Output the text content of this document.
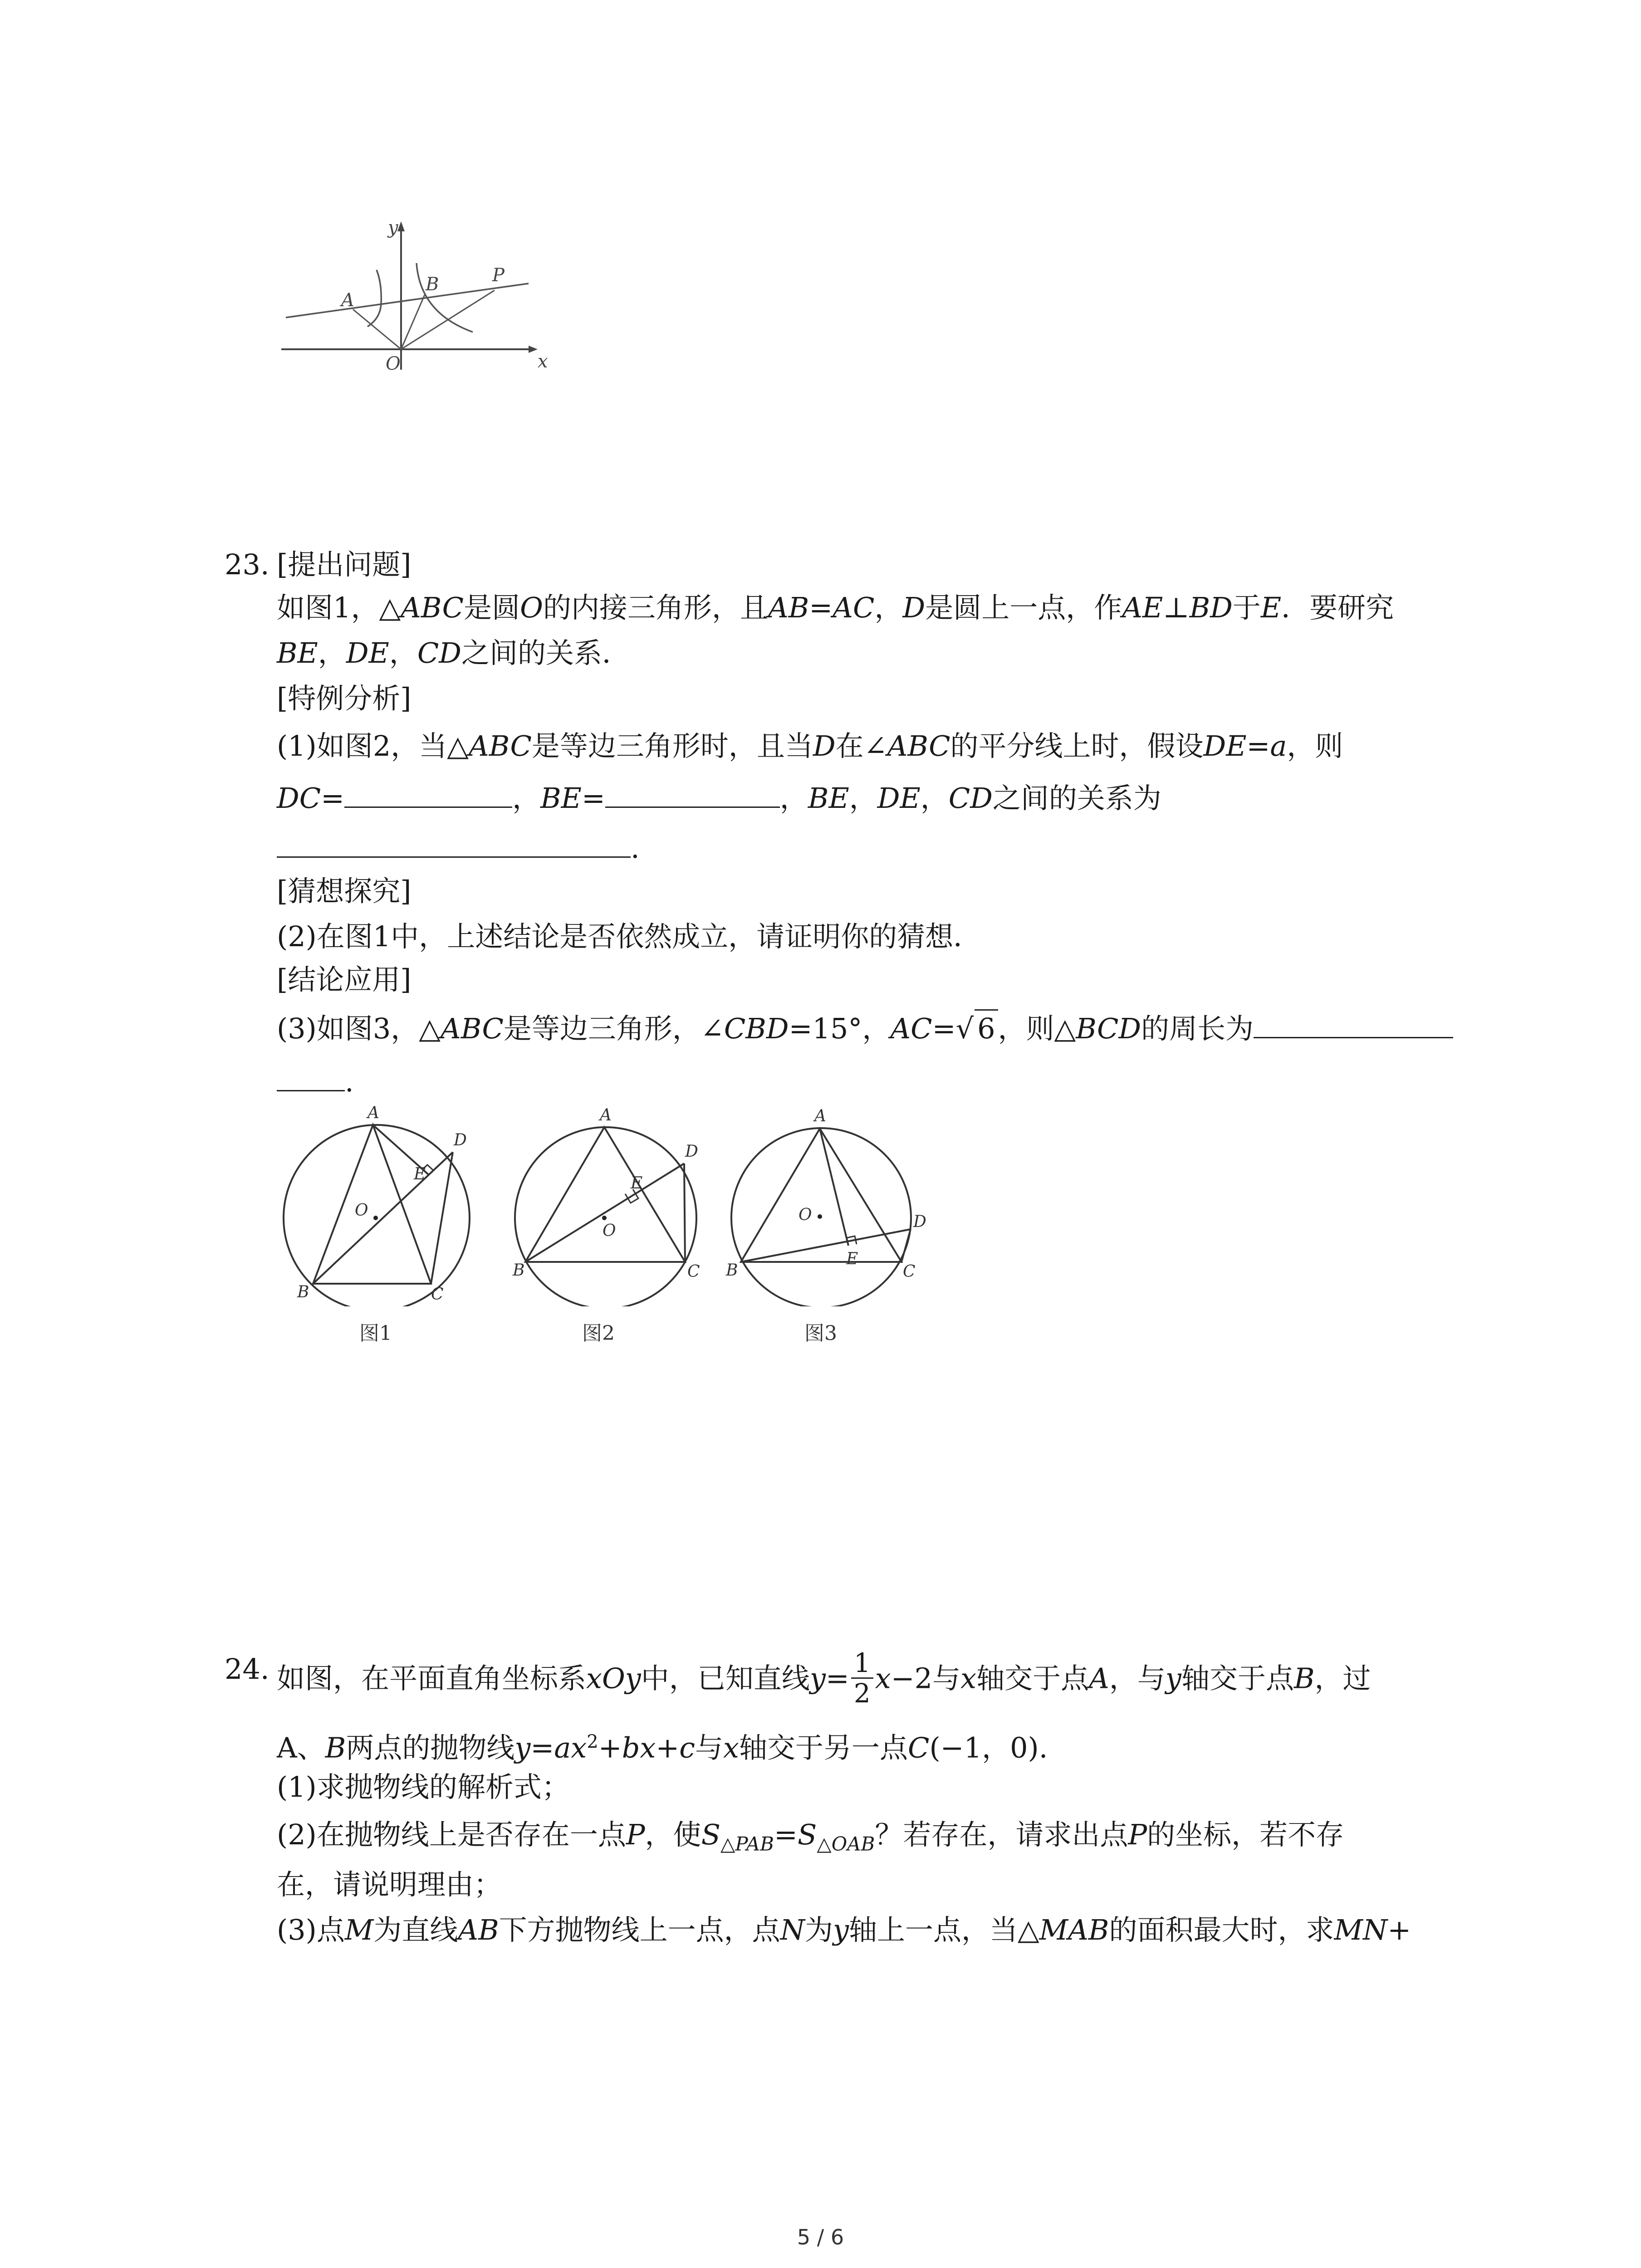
y
x
O
A
B	P
23. [提出问题]
如图1，△ABC是圆O的内接三角形，且AB=AC，D是圆上一点，作AE⊥BD于E．要研究
BE，DE，CD之间的关系．
[特例分析]
(1)如图2，当△ABC是等边三角形时，且当D在∠ABC的平分线上时，假设DE=a，则
DC=	，BE=	，BE，DE，CD之间的关系为
.
[猜想探究]
(2)在图1中，上述结论是否依然成立，请证明你的猜想．
[结论应用]
(3)如图3，△ABC是等边三角形，∠CBD=15°，AC=√ 6，则△BCD的周长为
.
A
B	C
D
E
O
图1
A
B	C
D
E
O
图2
A
B	C
D
E
O
图3
24. 如图，在平面直角坐标系xOy中，已知直线$y= \frac{1}{2} x-2$与x轴交于点A，与y轴交于点B，过
A、B两点的抛物线$y=ax^2+bx+c$与x轴交于另一点C(−1，0).
(1)求抛物线的解析式；
(2)在抛物线上是否存在一点P，使$S_{\triangle PAB}=S_{\triangle OAB}$？若存在，请求出点P的坐标，若不存
在，请说明理由；
(3)点M为直线AB下方抛物线上一点，点N为y轴上一点，当△MAB的面积最大时，求MN+
5 / 6
